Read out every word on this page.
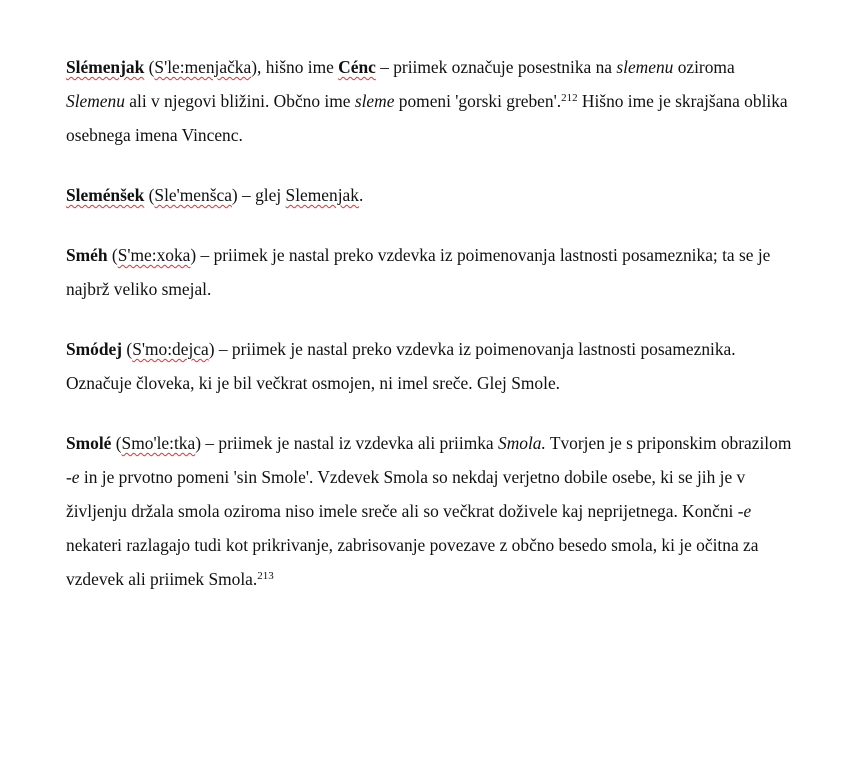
Slémenjak (S'le:menjačka), hišno ime Cénc – priimek označuje posestnika na slemenu oziroma Slemenu ali v njegovi bližini. Občno ime sleme pomeni 'gorski greben'.$^{212}$ Hišno ime je skrajšana oblika osebnega imena Vincenc.

Sleménšek (Sle'menšca) – glej Slemenjak.

Sméh (S'me:xoka) – priimek je nastal preko vzdevka iz poimenovanja lastnosti posameznika; ta se je najbrž veliko smejal.

Smódej (S'mo:dejca) – priimek je nastal preko vzdevka iz poimenovanja lastnosti posameznika. Označuje človeka, ki je bil večkrat osmojen, ni imel sreče. Glej Smole.

Smolé (Smo'le:tka) – priimek je nastal iz vzdevka ali priimka Smola. Tvorjen je s priponskim obrazilom -e in je prvotno pomeni 'sin Smole'. Vzdevek Smola so nekdaj verjetno dobile osebe, ki se jih je v življenju držala smola oziroma niso imele sreče ali so večkrat doživele kaj neprijetnega. Končni -e nekateri razlagajo tudi kot prikrivanje, zabrisovanje povezave z občno besedo smola, ki je očitna za vzdevek ali priimek Smola.$^{213}$
